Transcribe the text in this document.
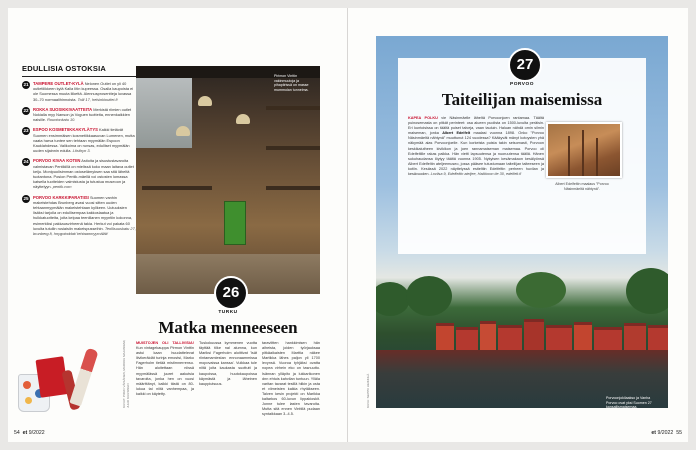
EDULLISIA OSTOKSIA
21	TAMPERE OUTLET-KYLÄ Nelonen Outlet on yli 40 outletliikkeen kylä Kalla Iitin kupeessa. Osalla kaupoista ei ole Suomessa muuta liikettä. Alennusprosentteja luvassa 30–70 normaalihinnoista. Tolli 17, helsinkioutlet.fi
22	ROKKA SUOSIKKIVAATTEITA Merkistä riimien outlet Nokialla myy Nanson ja Voguen tuotteita, ennenkaikkien naisille. Rounionkatu 10.
23	ESPOO KOSMETIIKKAKYLÄTYS Kaikki tietävät Suomen ensimmäisen kosmetiikkaasuvan Lumenen, mutta vaata harva tuntee sen tehtaan myymälän Espoon Kauklahdessa. Valikoima on runsas, edulliset myymälän uuden sijainnin edulla. Lösthyn 3.
24	PORVOO KIVAA KOTIIN Astioita ja sisustustavaroita valmistavan Pentikillä on mielissä koko maan laitava outlet keiju. Monipuolisimman ostoselämyksen saa sitä läheltä tuotantona. Posion Pentik-mäellä voi ostosten lomassa katsella tuotteiden valmistusta ja tutustua museoon ja näyttelyyn. pentik.com
25	PORVOO KARKKIPARATIISI Suomen vanhin makeistehdas Brunberg avasi vuosi sitten uuden tehtaanmyymälän makeistehtaan kyllkeen. Uutuuksien lisäksi tarjolla on edullisempaa kakkoslaatua ja hulkkatuotteita, joita kelpaa teenillanen myyntiin kokonna, esimerkiksi pakkausvirheenä takia. Herkut voi pakata 60 luvulta tutuilin rusiaisiin makeispusseihin. Teollisuuskatu 27, brunberg.fi, hnygoinddat/ tehtaanmyymälät/
KUVAT: PIRJO VÄISÄNEN, MARKKU MAJANIEMI, JUHO KUUSINEN
Pirimon Vinttin vakinmuutoja ja pihapiirissä on masse mummolan tunnelma.
26
TURKU
Matka menneeseen
MUISTOJEN OLI TALLIVISIA! Kun vintagekauppa Pirmon Vinttin astui kaan huudattelevat liivikeräidät turinja emostsi, Marko Fagerholm tietää mistimnerrenso. Hän aloitettaan niissä myymälässä juuret aakutsia tavaroita, jonka hen on vuosi määrittänyt, kaikki tästä on 80-lukua tai niitä vanhempaa, ja kaikki on käytetty.
Tuskokuussa kymmenen vuotta täyttää tilke nal alumna, kun Mariksi Fagerholm aloittivat 'Isät riintamamiestan ennonaammissa mopovaissa kanssa'. Vuikkaa tule niitä joita kaukasta suottutt ja kaupoissa, huutokaupoissa käymästä ja läheinen kauppiutsuus.
taraviitten hankkimisen hän aiheista, joiden työrjauksaa pitkäaikaisten Marttia näkee Martikka lähes paljon yli 1700 levynsä. Vuoroa tyhjäksi ovatta nopea virhein eko on tasnuutto. Isännan ylläpito ja lukkarikonen dnn ehtuis kahvilan tuntuun. Ylläla varitan tavarat tesillä hiikin ja osta et viimeisten kaikia rhytäkseen. Talven kesin projekti on Marikka kaltarkos 60-luvun lippakioskit. Jonne tulee lasten tavaroita. Mutta sitä ennen Vinttilä pudaan syntaikkaan 3.-4.5.
54 et 9/2022
27
PORVOO
Taiteilijan maisemissa
KAPEA POLKU vie Näsinmäelle läheltä Porvoonjoen rantamaa. Täältä puinosemasta on pitkät perinteet: osa alueen puolista on 1500-luvulta peräisin. Eri kuntoisissa on täältä puiset talveja, vaan tauluin. Haluan nähdä omin silmin maiseman, jonka Albert Edelfelt maalasi vuonna 1898. Onko "Porvoo Näsinmäeltä nähtynä" muuttunut 124 vuodessa? Kääkyvät mänyt kotoysten yhä näkymää alas Porvoonjoelle. Kun korkeista puista takin seisomasti, Porvoon keskikaiutheen kivikikon ja joen rannamaiseman maisemaa. Porvoo oli Edelfeltille rakas paikka. Hän vietti lapsuutensa ja nuoruutensa täällä. Hänen sukuhaudansa löytyy täältä vuonna 1905. Nykyisen kesämakaon kesälyönsä Albert Edelfeltin ateljeemuseo, jossa pääsee tutustumaan taiteilijan taiteeseen ja kotiin. Kesässä 2022 näyttelyssä esiteltiin Edelfeltin perheen huvilan ja kesävuoden. Loviisa 9, Edelfeltin ateljee, Haikkoon tie 30, edelfelt.fi
Albert Edelfeltin maalaus "Porvoo Näsinmäeltä nähtynä".
Porvoonjokilaakso ja Vanha Porvoo ovat yksi Suomen 27 kansallismaisemaa.
KUVA: SEPPO HEIKKILÄ
et 9/2022 55
